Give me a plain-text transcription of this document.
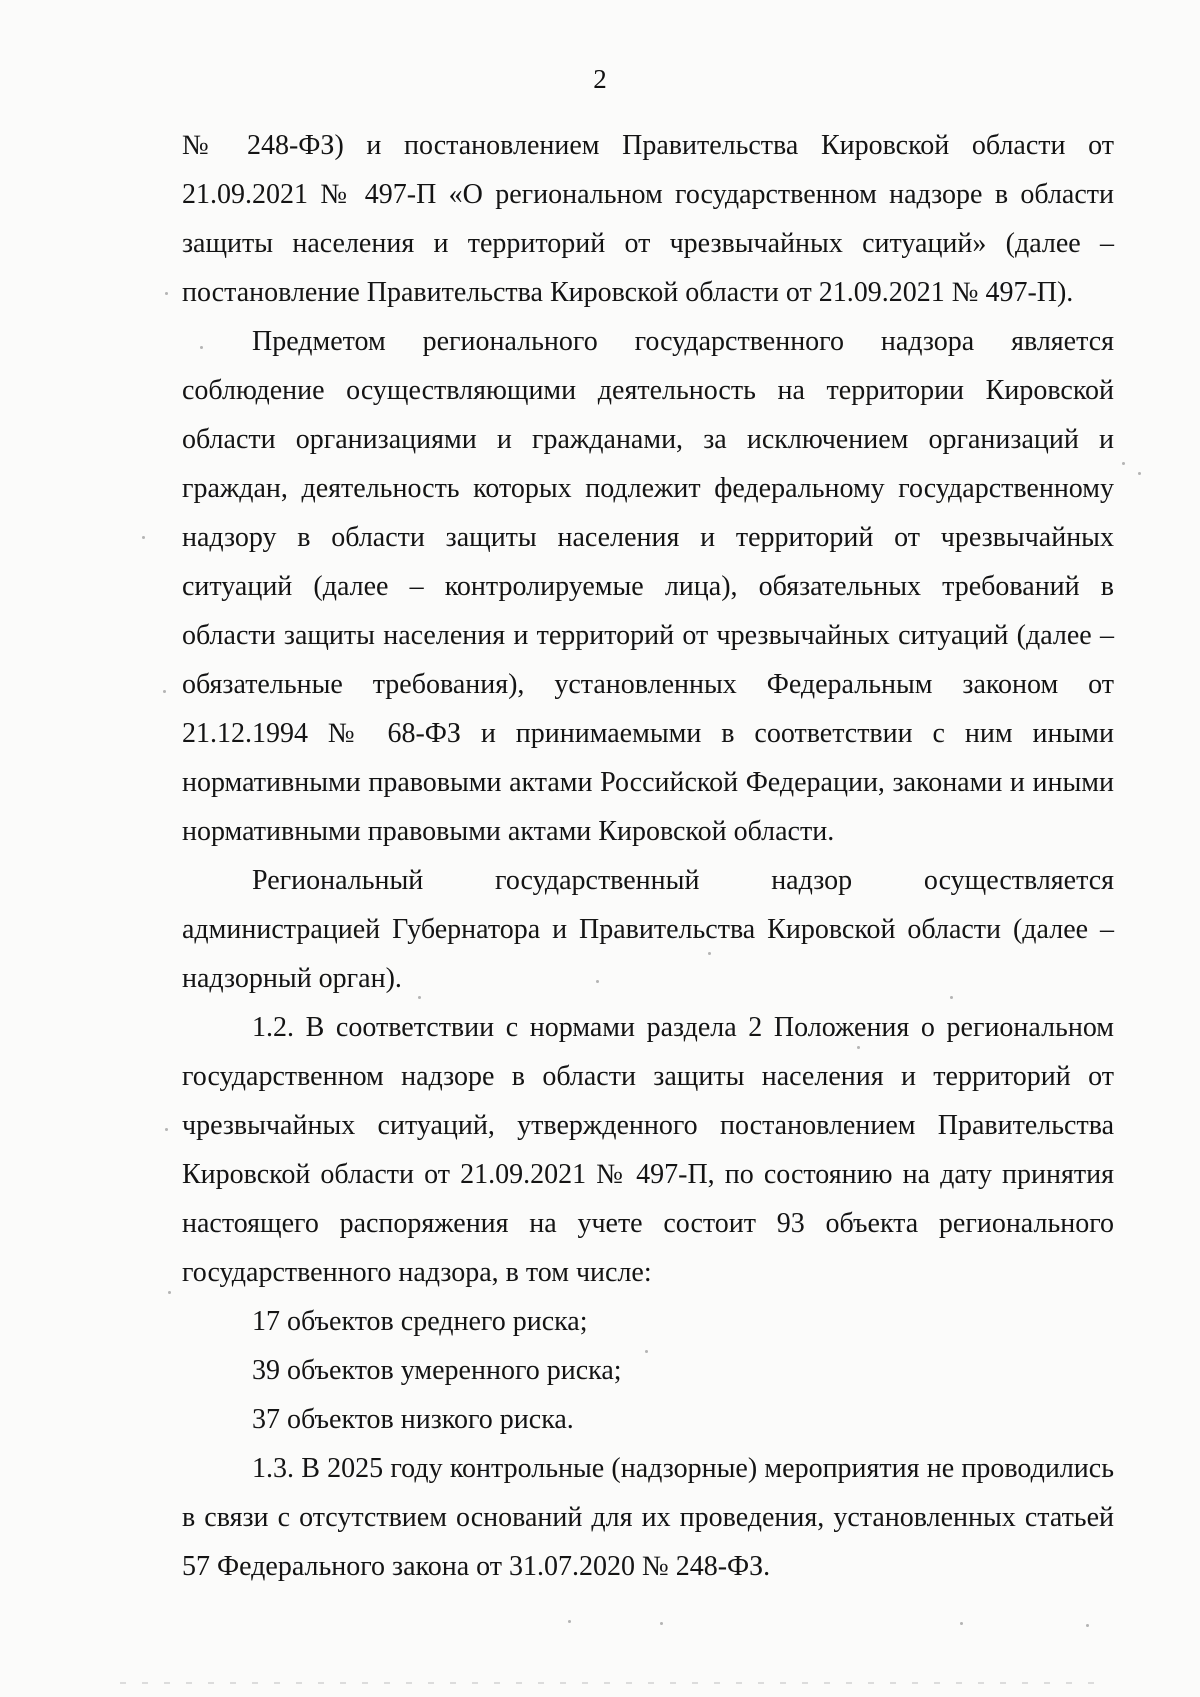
2

№ 248-ФЗ) и постановлением Правительства Кировской области от 21.09.2021 № 497-П «О региональном государственном надзоре в области защиты населения и территорий от чрезвычайных ситуаций» (далее – постановление Правительства Кировской области от 21.09.2021 № 497-П).

Предметом регионального государственного надзора является соблюдение осуществляющими деятельность на территории Кировской области организациями и гражданами, за исключением организаций и граждан, деятельность которых подлежит федеральному государственному надзору в области защиты населения и территорий от чрезвычайных ситуаций (далее – контролируемые лица), обязательных требований в области защиты населения и территорий от чрезвычайных ситуаций (далее – обязательные требования), установленных Федеральным законом от 21.12.1994 № 68-ФЗ и принимаемыми в соответствии с ним иными нормативными правовыми актами Российской Федерации, законами и иными нормативными правовыми актами Кировской области.

Региональный государственный надзор осуществляется администрацией Губернатора и Правительства Кировской области (далее – надзорный орган).

1.2. В соответствии с нормами раздела 2 Положения о региональном государственном надзоре в области защиты населения и территорий от чрезвычайных ситуаций, утвержденного постановлением Правительства Кировской области от 21.09.2021 № 497-П, по состоянию на дату принятия настоящего распоряжения на учете состоит 93 объекта регионального государственного надзора, в том числе:

17 объектов среднего риска;

39 объектов умеренного риска;

37 объектов низкого риска.

1.3. В 2025 году контрольные (надзорные) мероприятия не проводились в связи с отсутствием оснований для их проведения, установленных статьей 57 Федерального закона от 31.07.2020 № 248-ФЗ.
